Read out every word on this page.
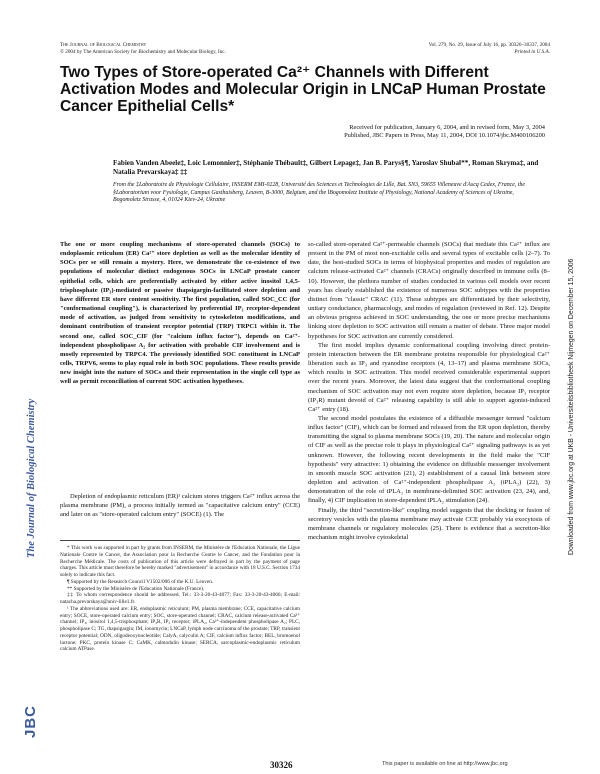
The Journal of Biological Chemistry
© 2004 by The American Society for Biochemistry and Molecular Biology, Inc.
Vol. 279, No. 29, Issue of July 16, pp. 30326–30337, 2004
Printed in U.S.A.
The Journal of Biological Chemistry
JBC
Two Types of Store-operated Ca²⁺ Channels with Different Activation Modes and Molecular Origin in LNCaP Human Prostate Cancer Epithelial Cells*
Received for publication, January 6, 2004, and in revised form, May 3, 2004
Published, JBC Papers in Press, May 11, 2004, DOI 10.1074/jbc.M400106200
Fabien Vanden Abeele‡, Loic Lemonnier‡, Stéphanie Thébault‡, Gilbert Lepage‡, Jan B. Parys§¶, Yaroslav Shuba‖**, Roman Skryma‡, and Natalia Prevarskaya‡ ‡‡
From the ‡Laboratoire de Physiologie Cellulaire, INSERM EMI-0228, Université des Sciences et Technologies de Lille, Bat. SN3, 59655 Villeneuve d'Ascq Cedex, France, the §Laboratorium voor Fysiologie, Campus Gasthuisberg, Leuven, B-3000, Belgium, and the ‖Bogomoletz Institute of Physiology, National Academy of Sciences of Ukraine, Bogomoletz Strasse, 4, 01024 Kiev-24, Ukraine
The one or more coupling mechanisms of store-operated channels (SOCs) to endoplasmic reticulum (ER) Ca²⁺ store depletion as well as the molecular identity of SOCs per se still remain a mystery. Here, we demonstrate the co-existence of two populations of molecular distinct endogenous SOCs in LNCaP prostate cancer epithelial cells, which are preferentially activated by either active inositol 1,4,5-trisphosphate (IP₃)-mediated or passive thapsigargin-facilitated store depletion and have different ER store content sensitivity. The first population, called SOC_CC (for "conformational coupling"), is characterized by preferential IP₃ receptor-dependent mode of activation, as judged from sensitivity to cytoskeleton modifications, and dominant contribution of transient receptor potential (TRP) TRPC1 within it. The second one, called SOC_CIF (for "calcium influx factor"), depends on Ca²⁺-independent phospholipase A₂ for activation with probable CIF involvement and is mostly represented by TRPC4. The previously identified SOC constituent in LNCaP cells, TRPV6, seems to play equal role in both SOC populations. These results provide new insight into the nature of SOCs and their representation in the single cell type as well as permit reconciliation of current SOC activation hypotheses.
Depletion of endoplasmic reticulum (ER)¹ calcium stores triggers Ca²⁺ influx across the plasma membrane (PM), a process initially termed as "capacitative calcium entry" (CCE) and later on as "store-operated calcium entry" (SOCE) (1). The
* This work was supported in part by grants from INSERM, the Ministère de l'Education Nationale, the Ligue Nationale Contre le Cancer, the Association pour la Recherche Contre le Cancer, and the Fondation pour la Recherche Médicale. The costs of publication of this article were defrayed in part by the payment of page charges. This article must therefore be hereby marked "advertisement" in accordance with 18 U.S.C. Section 1734 solely to indicate this fact.
¶ Supported by the Research Council V1502/006 of the K.U. Leuven.
** Supported by the Ministère de l'Education Nationale (France).
‡‡ To whom correspondence should be addressed. Tel.: 33-3-20-43-4077; Fax: 33-3-20-43-4066; E-mail: natacha.prevarskaya@univ-lille1.fr.
¹ The abbreviations used are: ER, endoplasmic reticulum; PM, plasma membrane; CCE, capacitative calcium entry; SOCE, store-operated calcium entry; SOC, store-operated channel; CRAC, calcium release-activated Ca²⁺ channel; IP₃, inositol 1,4,5-trisphosphate; IP₃R, IP₃ receptor; iPLA₂, Ca²⁺-independent phospholipase A₂; PLC, phospholipase C; TG, thapsigargin; IM, ionomycin; LNCaP, lymph node carcinoma of the prostate; TRP, transient receptor potential; ODN, oligodeoxynucleotide; CalyA, calyculin A; CIF, calcium influx factor; BEL, bromoenol lactone; PKC, protein kinase C; CaMK, calmodulin kinase; SERCA, sarcoplasmic-endoplasmic reticulum calcium ATPase.

so-called store-operated Ca²⁺-permeable channels (SOCs) that mediate this Ca²⁺ influx are present in the PM of most non-excitable cells and several types of excitable cells (2–7). To date, the best-studied SOCs in terms of biophysical properties and modes of regulation are calcium release-activated Ca²⁺ channels (CRACs) originally described in immune cells (8–10). However, the plethora number of studies conducted in various cell models over recent years has clearly established the existence of numerous SOC subtypes with the properties distinct from "classic" CRAC (11). These subtypes are differentiated by their selectivity, unitary conductance, pharmacology, and modes of regulation (reviewed in Ref. 12). Despite an obvious progress achieved in SOC understanding, the one or more precise mechanisms linking store depletion to SOC activation still remain a matter of debate. Three major model hypotheses for SOC activation are currently considered.

The first model implies dynamic conformational coupling involving direct protein-protein interaction between the ER membrane proteins responsible for physiological Ca²⁺ liberation such as IP₃ and ryanodine receptors (4, 13–17) and plasma membrane SOCs, which results in SOC activation. This model received considerable experimental support over the recent years. Moreover, the latest data suggest that the conformational coupling mechanism of SOC activation may not even require store depletion, because IP₃ receptor (IP₃R) mutant devoid of Ca²⁺ releasing capability is still able to support agonist-induced Ca²⁺ entry (18).

The second model postulates the existence of a diffusible messenger termed "calcium influx factor" (CIF), which can be formed and released from the ER upon depletion, thereby transmitting the signal to plasma membrane SOCs (19, 20). The nature and molecular origin of CIF as well as the precise role it plays in physiological Ca²⁺ signaling pathways is as yet unknown. However, the following recent developments in the field make the "CIF hypothesis" very attractive: 1) obtaining the evidence on diffusible messenger involvement in smooth muscle SOC activation (21), 2) establishment of a causal link between store depletion and activation of Ca²⁺-independent phospholipase A₂ (iPLA₂) (22), 3) demonstration of the role of iPLA₂ in membrane-delimited SOC activation (23, 24), and, finally, 4) CIF implication in store-dependent iPLA₂ stimulation (24).

Finally, the third "secretion-like" coupling model suggests that the docking or fusion of secretory vesicles with the plasma membrane may activate CCE probably via exocytosis of membrane channels or regulatory molecules (25). There is evidence that a secretion-like mechanism might involve cytoskeletal

30326	This paper is available on line at http://www.jbc.org
Downloaded from www.jbc.org at UKB - Universiteitsbibliotheek Nijmegen on December 15, 2006
